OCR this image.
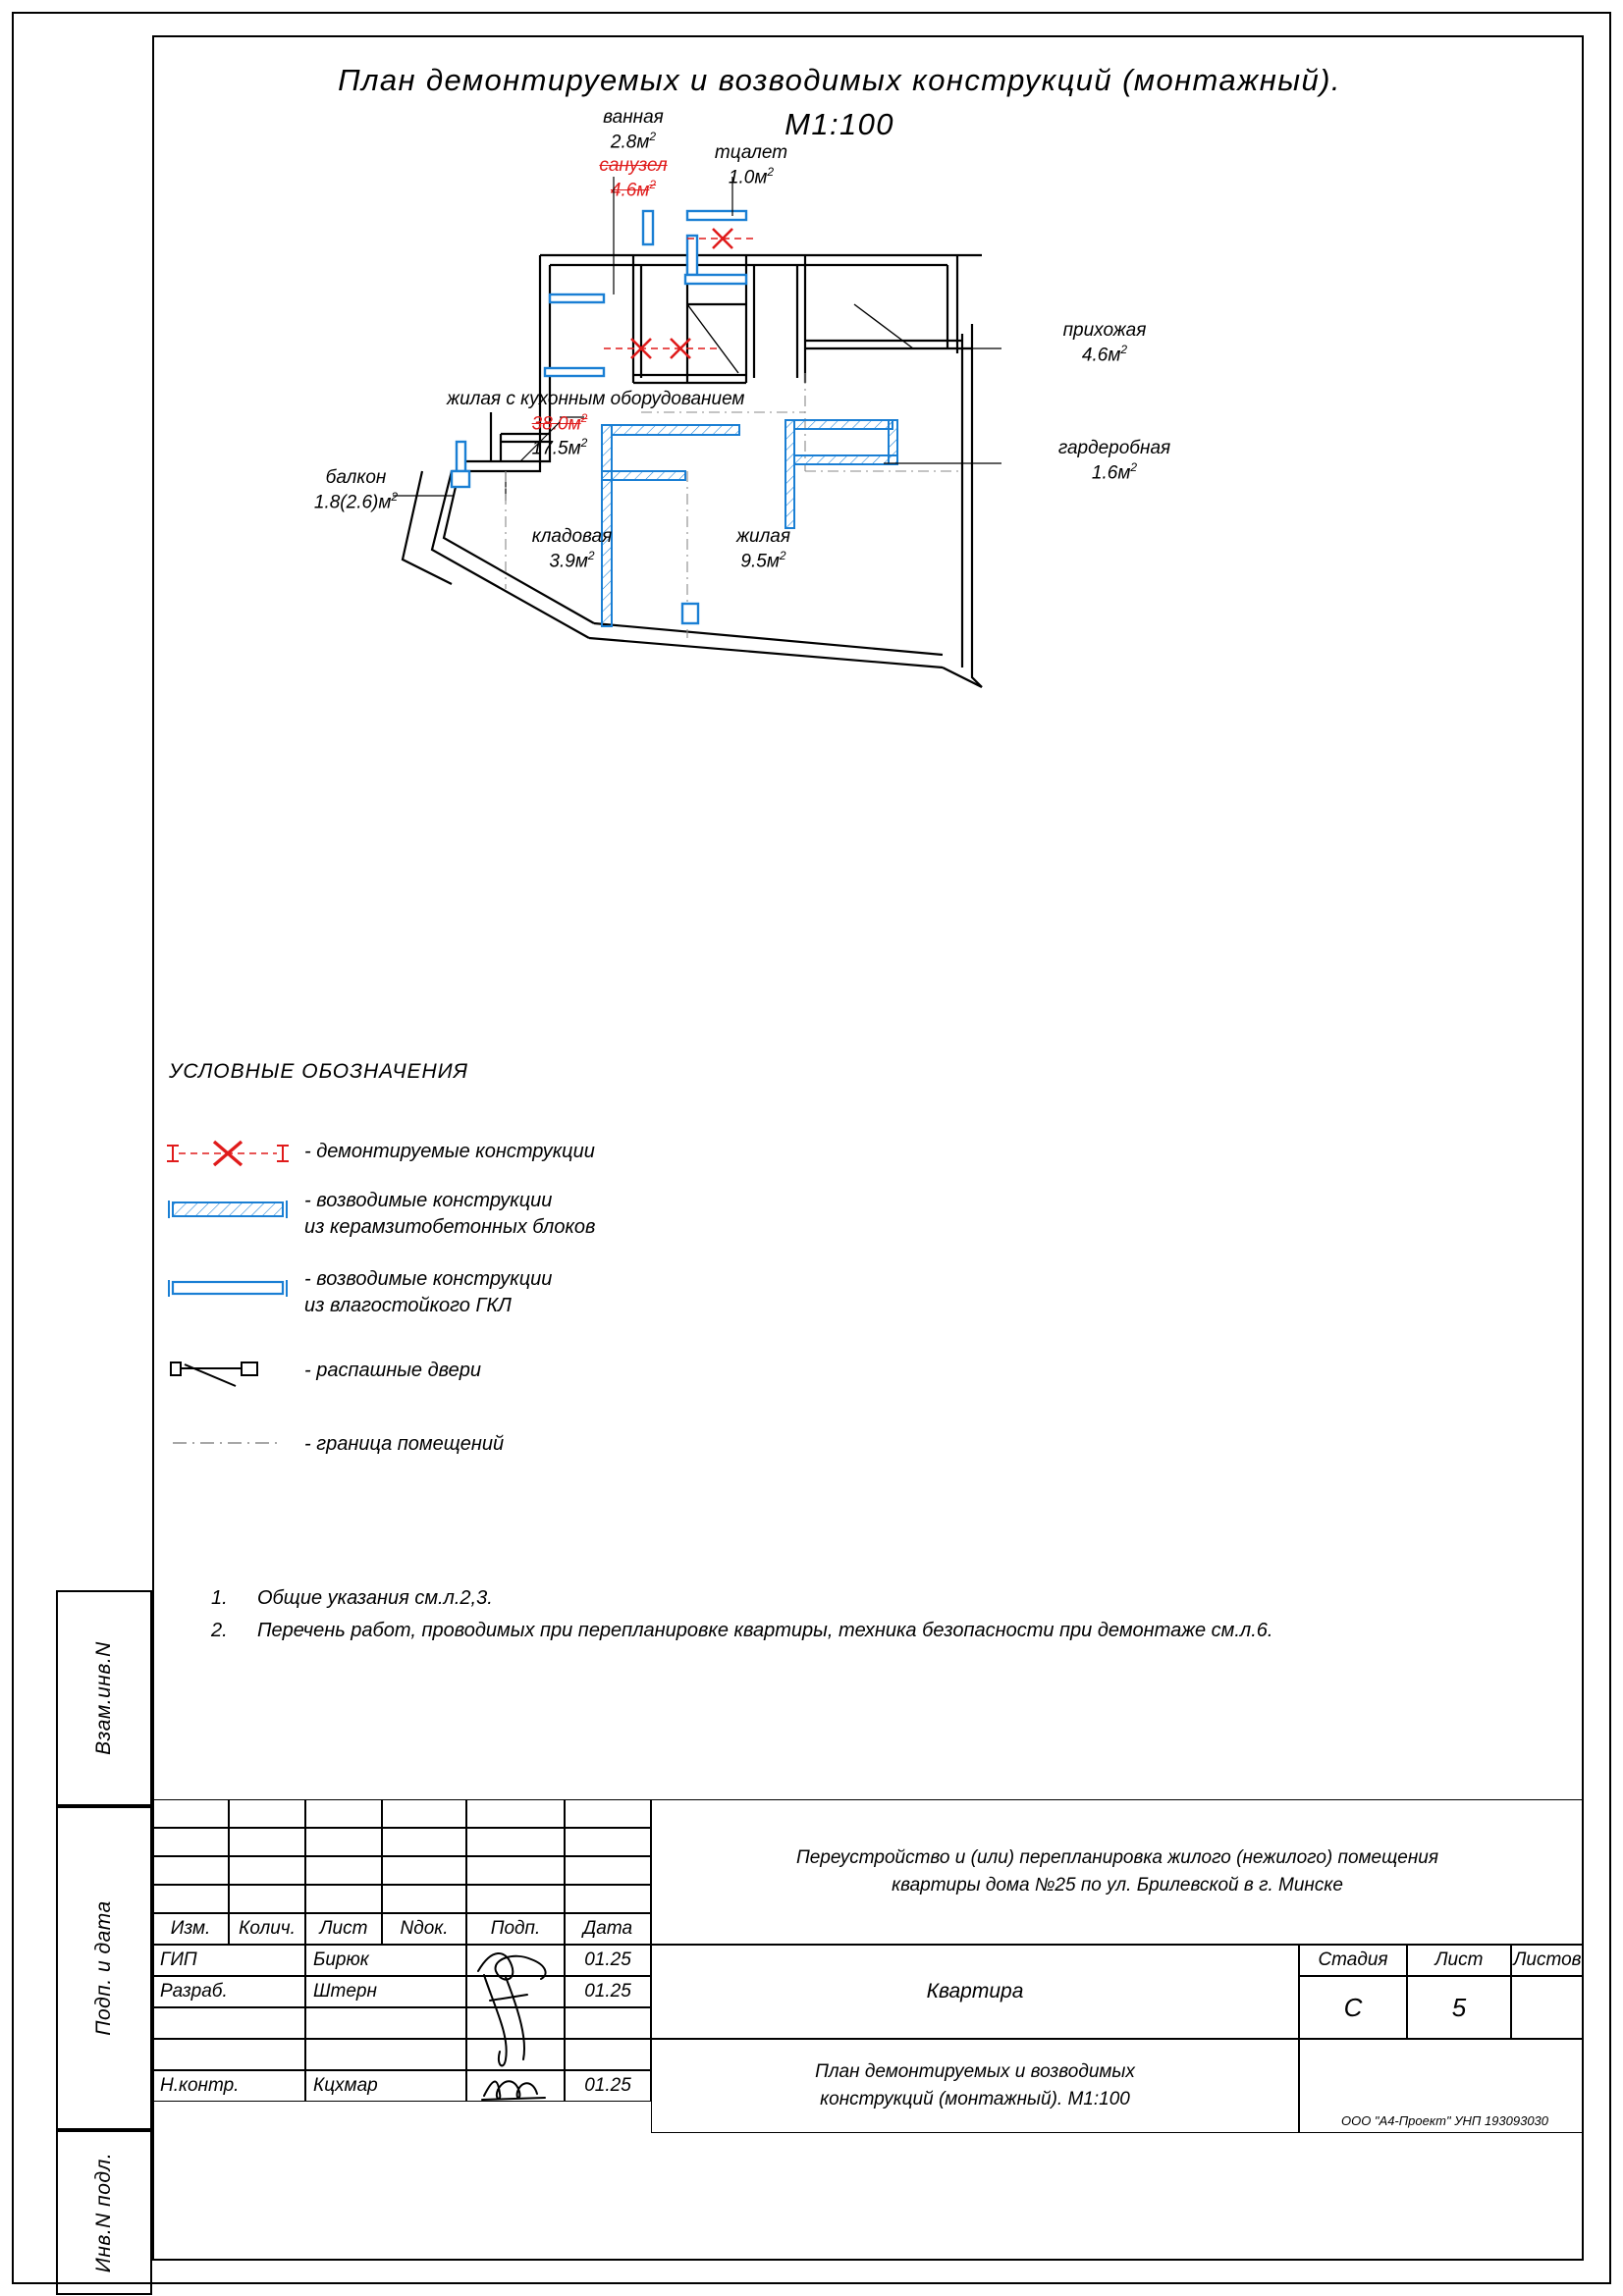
Взам.инв.N
Подп. и дата
Инв.N подл.
План демонтируемых и возводимых конструкций (монтажный).
М1:100
ванная
$2.8м^2$
санузел
$4.6м^2$
тцалет
$1.0м^2$
прихожая
$4.6м^2$
гардеробная
$1.6м^2$
жилая с кухонным оборудованием
$38.0м^2$
$17.5м^2$
балкон
$1.8(2.6)м^2$
кладовая
$3.9м^2$
жилая
$9.5м^2$
УСЛОВНЫЕ ОБОЗНАЧЕНИЯ
- демонтируемые конструкции
- возводимые конструкции
из керамзитобетонных блоков
- возводимые конструкции
из влагостойкого ГКЛ
- распашные двери
- граница помещений
1. Общие указания см.л.2,3.
2. Перечень работ, проводимых при перепланировке квартиры, техника безопасности при демонтаже см.л.6.
Изм.	Колич.	Лист	Nдок.	Подп.	Дата
ГИП	Бирюк	01.25
Разраб.	Штерн	01.25
Н.контр.	Кцхмар	01.25
Переустройство и (или) перепланировка жилого (нежилого) помещения
квартиры дома №25 по ул. Брилевской в г. Минске
Квартира
Стадия	Лист	Листов
С	5
План демонтируемых и возводимых
конструкций (монтажный). М1:100
ООО "А4-Проект" УНП 193093030
